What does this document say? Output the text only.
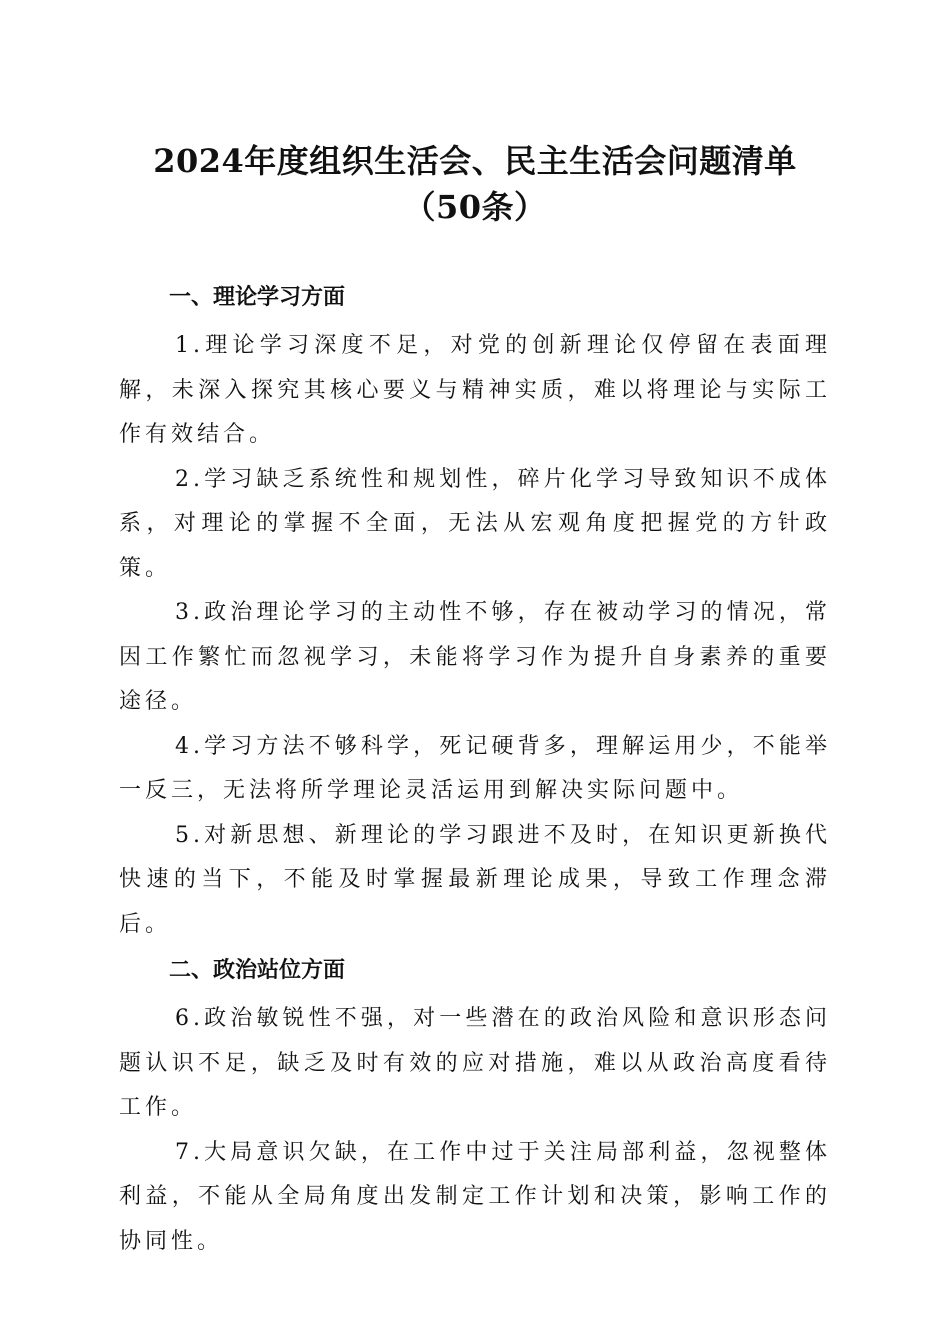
2024年度组织生活会、民主生活会问题清单
（50条）
一、理论学习方面

1.理论学习深度不足，对党的创新理论仅停留在表面理解，未深入探究其核心要义与精神实质，难以将理论与实际工作有效结合。

2.学习缺乏系统性和规划性，碎片化学习导致知识不成体系，对理论的掌握不全面，无法从宏观角度把握党的方针政策。

3.政治理论学习的主动性不够，存在被动学习的情况，常因工作繁忙而忽视学习，未能将学习作为提升自身素养的重要途径。

4.学习方法不够科学，死记硬背多，理解运用少，不能举一反三，无法将所学理论灵活运用到解决实际问题中。

5.对新思想、新理论的学习跟进不及时，在知识更新换代快速的当下，不能及时掌握最新理论成果，导致工作理念滞后。

二、政治站位方面

6.政治敏锐性不强，对一些潜在的政治风险和意识形态问题认识不足，缺乏及时有效的应对措施，难以从政治高度看待工作。

7.大局意识欠缺，在工作中过于关注局部利益，忽视整体利益，不能从全局角度出发制定工作计划和决策，影响工作的协同性。
